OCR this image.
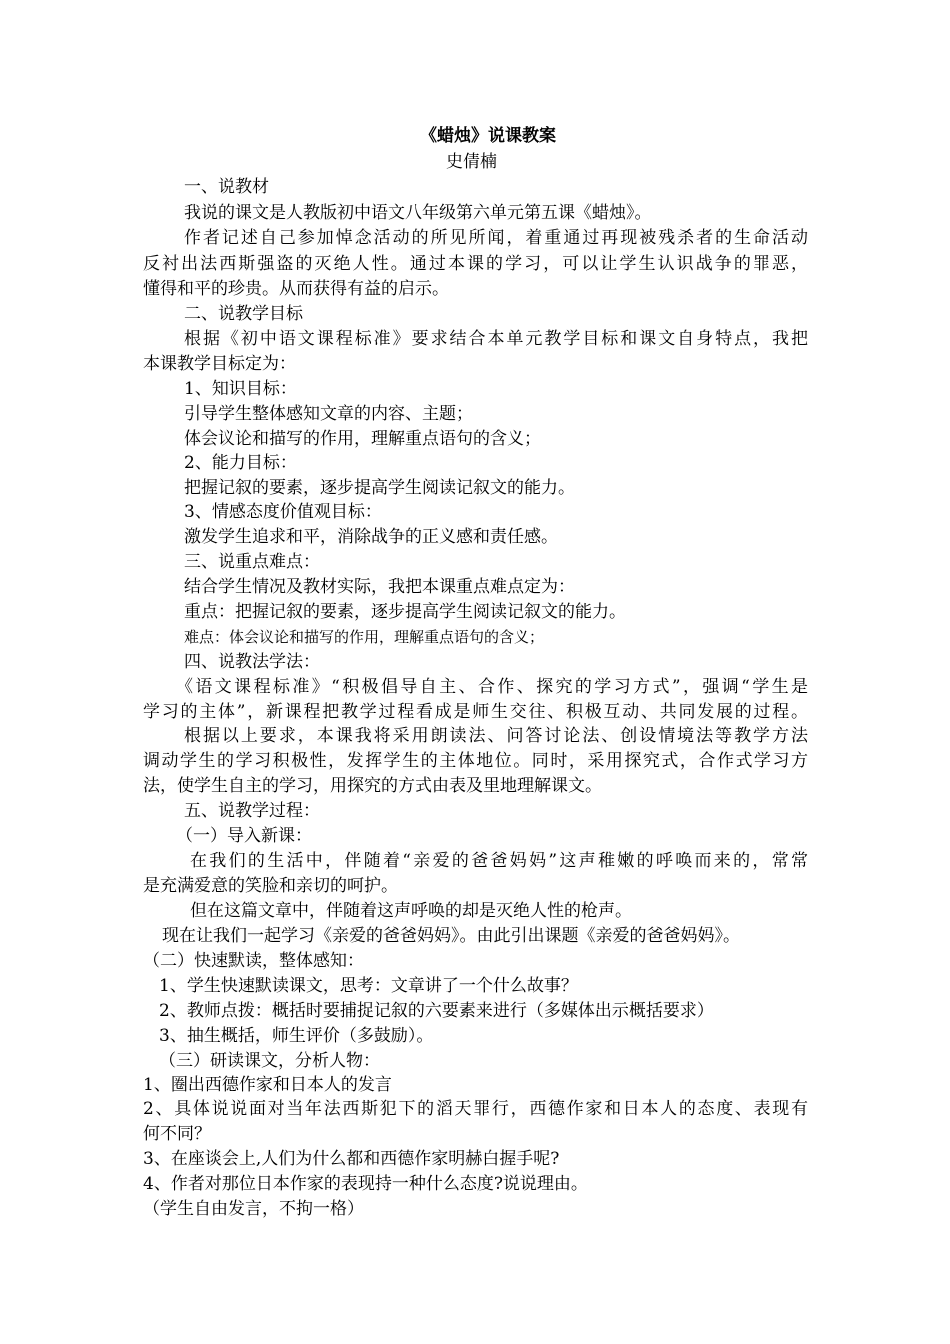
《蜡烛》说课教案
史倩楠
一、说教材
我说的课文是人教版初中语文八年级第六单元第五课《蜡烛》。
作者记述自己参加悼念活动的所见所闻，着重通过再现被残杀者的生命活动
反衬出法西斯强盗的灭绝人性。通过本课的学习，可以让学生认识战争的罪恶，
懂得和平的珍贵。从而获得有益的启示。
二、说教学目标
根据《初中语文课程标准》要求结合本单元教学目标和课文自身特点，我把
本课教学目标定为：
1、知识目标：
引导学生整体感知文章的内容、主题；
体会议论和描写的作用，理解重点语句的含义；
2、能力目标：
把握记叙的要素，逐步提高学生阅读记叙文的能力。
3、情感态度价值观目标：
激发学生追求和平，消除战争的正义感和责任感。
三、说重点难点：
结合学生情况及教材实际，我把本课重点难点定为：
重点：把握记叙的要素，逐步提高学生阅读记叙文的能力。
难点：体会议论和描写的作用，理解重点语句的含义；
四、说教法学法：
《语文课程标准》“积极倡导自主、合作、探究的学习方式”，强调“学生是
学习的主体”，新课程把教学过程看成是师生交往、积极互动、共同发展的过程。
根据以上要求，本课我将采用朗读法、问答讨论法、创设情境法等教学方法
调动学生的学习积极性，发挥学生的主体地位。同时，采用探究式，合作式学习方
法，使学生自主的学习，用探究的方式由表及里地理解课文。
五、说教学过程：
（一）导入新课：
在我们的生活中，伴随着“亲爱的爸爸妈妈”这声稚嫩的呼唤而来的，常常
是充满爱意的笑脸和亲切的呵护。
但在这篇文章中，伴随着这声呼唤的却是灭绝人性的枪声。
现在让我们一起学习《亲爱的爸爸妈妈》。由此引出课题《亲爱的爸爸妈妈》。
（二）快速默读，整体感知：
1、学生快速默读课文，思考：文章讲了一个什么故事？
2、教师点拨：概括时要捕捉记叙的六要素来进行（多媒体出示概括要求）
3、抽生概括，师生评价（多鼓励）。
（三）研读课文，分析人物：
1、圈出西德作家和日本人的发言
2、具体说说面对当年法西斯犯下的滔天罪行，西德作家和日本人的态度、表现有
何不同？
3、在座谈会上,人们为什么都和西德作家明赫白握手呢?
4、作者对那位日本作家的表现持一种什么态度?说说理由。
（学生自由发言，不拘一格）
